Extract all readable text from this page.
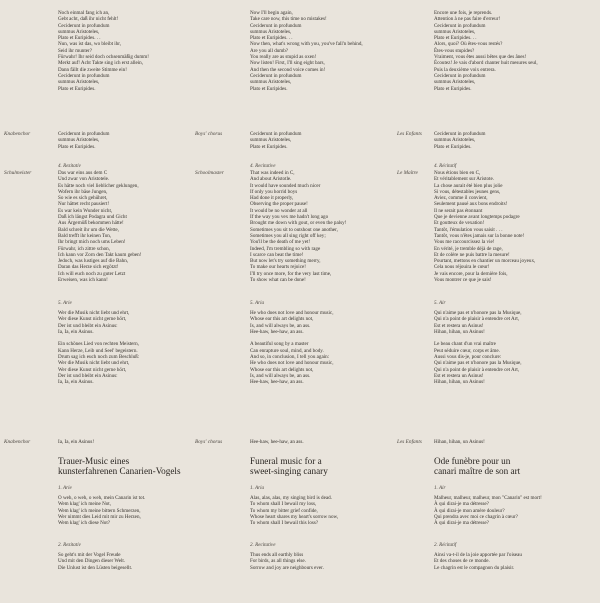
Noch einmal fang ich an,
Gebt acht, daß ihr nicht fehlt!
Ceciderunt in profundum
summus Aristoteles,
Plato et Euripides. . .
Nun, was ist das, wo bleibt ihr,
Seid ihr munter?
Fürwahr! Ihr seid doch ochsenmäßig dumm!
Merkt auf! Acht Takte sing ich erst allein,
Dann fällt die zweite Stimme ein!
Ceciderunt in profundum
summus Aristoteles,
Plato et Euripides.
Knabenchor	Ceciderunt in profundum
summus Aristoteles,
Plato et Euripides.
4. Rezitativ
Schulmeister	Das war eins aus dem C
Und zwar von Aristotele.
Es hätte noch viel lieblicher geklungen,
Wofern ihr bäse Jungen,
So wie es sich gehühret,
Nur hättet recht pausiert!
Es war kein Wunder nicht,
Daß ich längst Podagra und Gicht
Aus Ärgernüß bekommen hätte!
Bald schreit ihr um die Wette,
Bald trefft ihr keinen Ton,
Ihr bringt mich noch ums Leben!
Fürwahr, ich zittre schon,
Ich kann vor Zorn den Takt kaum geben!
Jedoch, was lustiges auf die Bahn,
Daran das Herze sich ergötzt!
Ich will euch noch zu guter Letzt
Erweisen, was ich kann!
5. Arie
Wer die Musik nicht liebt und ehrt,
Wer diese Kunst nicht gerne hört,
Der ist und bleibt ein Asinus:
Ia, Ia, ein Asinus.

Ein schönes Lied von rechten Meistern,
Kann Herze, Leib und Seel' begeistern.
Drum sag ich euch noch zum Beschluß:
Wer die Musik nicht liebt und ehrt,
Wer diese Kunst nicht gerne hört,
Der ist und bleibt ein Asinus:
Ia, Ia, ein Asinus.
Knabenchor	Ia, Ia, ein Asinus!
Trauer-Music eines
kunsterfahrenen Canarien-Vogels
1. Arie
O weh, o weh, o weh, mein Canarin ist tot.
Wem klag' ich meine Not,
Wem klag' ich meine bittern Schmerzen,
Wer nimmt dies Leid mit mir zu Herzen,
Wem klag' ich diese Not?
2. Rezitativ
So geht's mit der Vogel Freude
Und mit den Dingen dieser Welt.
Die Unlust ist den Lüsten beigesellt.
Now I'll begin again,
Take care now, this time no mistakes!
Ceciderunt in profundum
summus Aristoteles,
Plato et Euripides. . .
Now then, what's wrong with you, you've fall'n behind,
Are you all dumb?
You really are as stupid as oxen!
Now listen! First, I'll sing eight bars,
And then the second voice comes in!
Ceciderunt in profundum
summus Aristoteles,
Plato et Euripides.
Boys' chorus	Ceciderunt in profundum
summus Aristoteles,
Plato et Euripides.
4. Recitative
Schoolmaster	That was indeed in C,
And about Aristotle.
It would have sounded much nicer
If only you horrid boys
Had done it properly,
Observing the proper pause!
It would be no wonder at all
If the way you vex me hadn't long ago
Brought me down with gout, or even the palsy!
Sometimes you sit to outshout one another,
Sometimes you all sing right off key;
You'll be the death of me yet!
Indeed, I'm trembling so with rage
I scarce can beat the time!
But now let's try something merry,
To make our hearts rejoice!
I'll try once more, for the very last time,
To show what can be done!
5. Aria
He who does not love and honour music,
Whose ear this art delights not,
Is, and will always be, an ass.
Hee-haw, hee-haw, an ass.

A beautiful song by a master
Can enrapture soul, mind, and body.
And so, in conclusion, I tell you again:
He who does not love and honour music,
Whose ear this art delights not,
Is, and will always be, an ass.
Hee-haw, hee-haw, an ass.
Boys' chorus	Hee-haw, hee-haw, an ass.
Funeral music for a
sweet-singing canary
1. Aria
Alas, alas, alas, my singing bird is dead.
To whom shall I bewail my loss,
To whom my bitter grief confide,
Whose heart shares my heart's sorrow now,
To whom shall I bewail this loss?
2. Recitative
Thus ends all earthly bliss
For birds, as all things else.
Sorrow and joy are neighbours ever.
Encore une fois, je reprends.
Attention à ne pas faire d'erreur!
Ceciderunt in profundum
summus Aristoteles,
Plato et Euripides. . .
Alors, quoi? Où êtes-vous restés?
Êtes-vous stupides?
Vraiment, vous êtes aussi bêtes que des ânes!
Écoutez! Je vais d'abord chanter huit mesures seul,
Puis la deuxième voix entrera.
Ceciderunt in profundum
summus Aristoteles,
Plato et Euripides.
Les Enfants	Ceciderunt in profundum
summus Aristoteles,
Plato et Euripides.
4. Récitatif
Le Maître	Nous étions bien en C,
Et véritablement sur Aristote.
La chose aurait été bien plus jolie
Si vous, détestables jeunes gens,
Aviez, comme il convient,
Seulement pausé aux bons endroits!
Il ne serait pas étonnant
Que je devienne avant longtemps podagre
Et goutteux de vexation!
Tantôt, l'émulation vous saisit . . .
Tantôt, vous n'êtes jamais sur la bonne note!
Vous me raccourcissez la vie!
En vérité, je tremble déjà de rage,
Et de colère ne puis battre la mesure!
Pourtant, mettons en chantier un morceau joyeux,
Cela nous réjouira le cœur!
Je vais encore, pour la dernière fois,
Vous montrer ce que je sais!
5. Air
Qui n'aime pas et n'honore pas la Musique,
Qui n'a point de plaisir à entendre cet Art,
Est et restera un Asinus!
Hihan, hihan, un Asinus!

Le beau chant d'un vrai maître
Peut séduire cœur, corps et âme.
Aussi vous dis-je, pour conclure:
Qui n'aime pas et n'honore pas la Musique,
Qui n'a point de plaisir à entendre cet Art,
Est et restera un Asinus!
Hihan, hihan, un Asinus!
Les Enfants	Hihan, hihan, un Asinus!
Ode funèbre pour un
canari maître de son art
1. Air
Malheur, malheur, malheur, mon "Canarin" est mort!
À qui dirai-je ma détresse?
À qui dirai-je mon amère douleur?
Qui prendra avec moi ce chagrin à cœur?
À qui dirai-je ma détresse?
2. Récitatif
Ainsi va-t-il de la joie apportée par l'oiseau
Et des choses de ce monde.
Le chagrin est le compagnon du plaisir.
